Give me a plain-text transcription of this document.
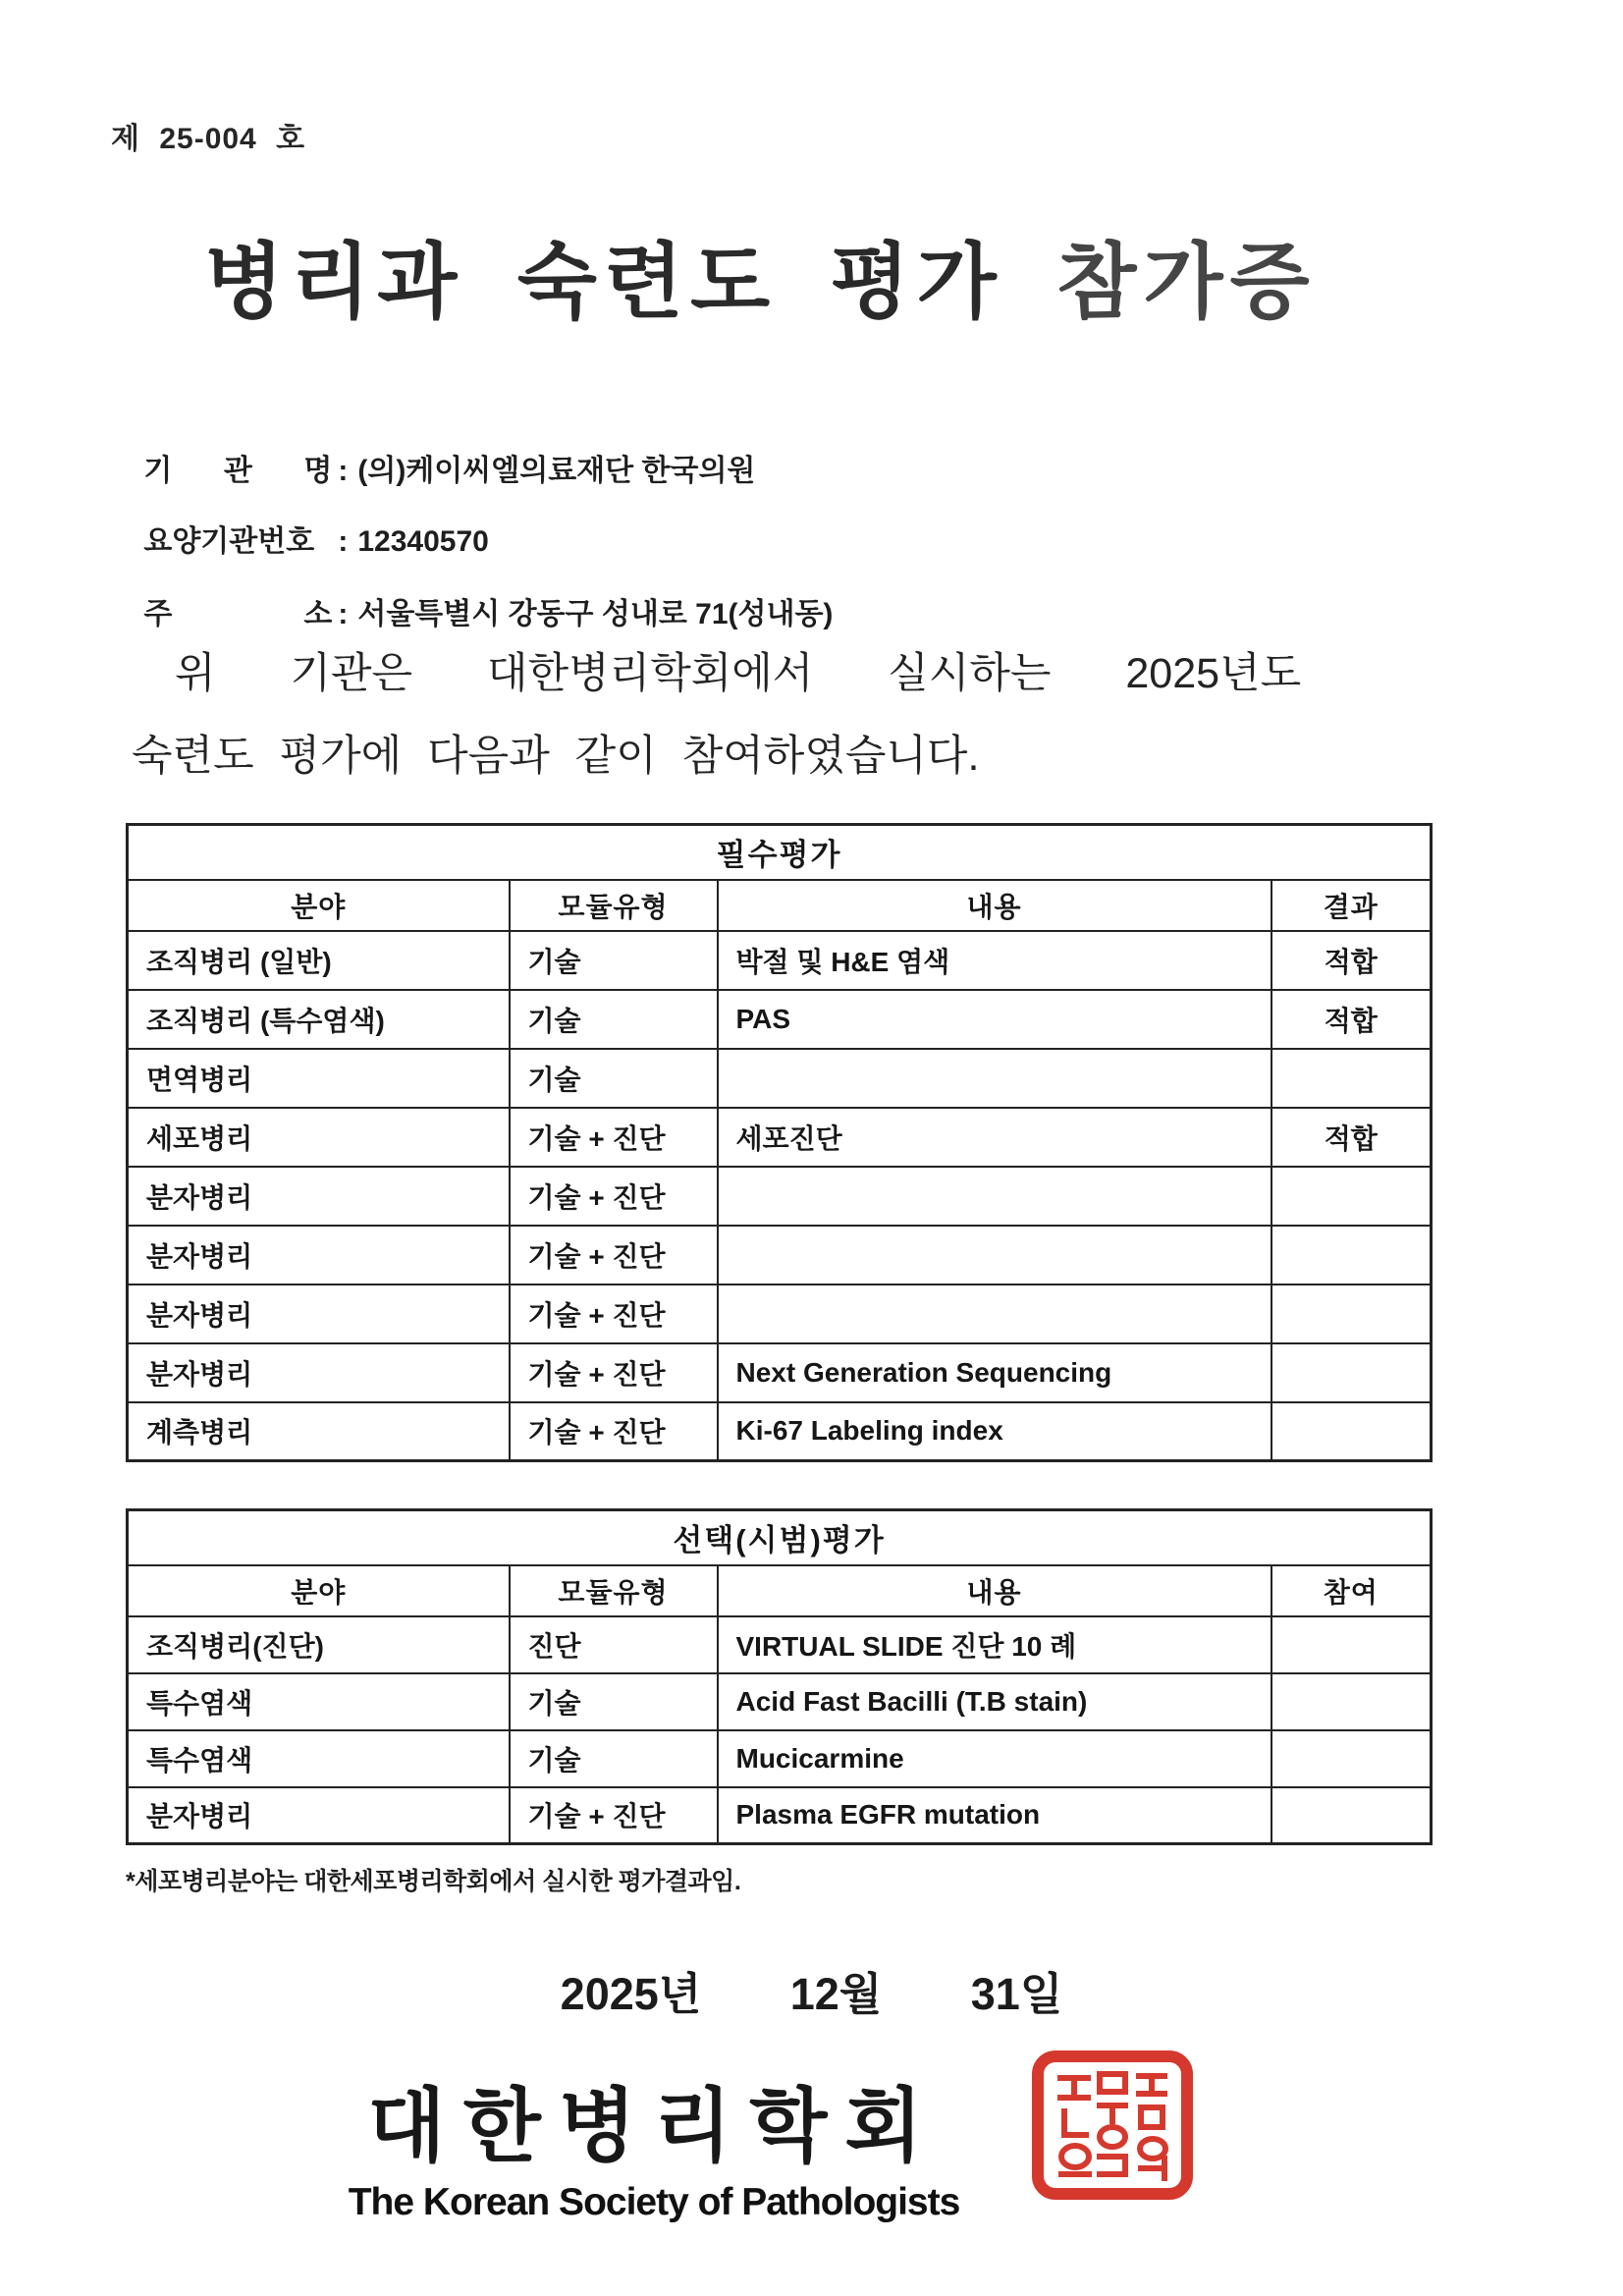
제 25-004 호
병리과 숙련도 평가 참가증

기 관 명 : (의)케이씨엘의료재단 한국의원

요양기관번호 : 12340570

주 소 : 서울특별시 강동구 성내로 71(성내동)

위 기관은 대한병리학회에서 실시하는 2025년도
숙련도 평가에 다음과 같이 참여하였습니다.
필수평가			
분야	모듈유형	내용	결과
조직병리 (일반)	기술	박절 및 H&E 염색	적합
조직병리 (특수염색)	기술	PAS	적합
면역병리	기술		
세포병리	기술 + 진단	세포진단	적합
분자병리	기술 + 진단		
분자병리	기술 + 진단		
분자병리	기술 + 진단		
분자병리	기술 + 진단	Next Generation Sequencing	
계측병리	기술 + 진단	Ki-67 Labeling index	
선택(시범)평가			
분야	모듈유형	내용	참여
조직병리(진단)	진단	VIRTUAL SLIDE 진단 10 례	
특수염색	기술	Acid Fast Bacilli (T.B stain)	
특수염색	기술	Mucicarmine	
분자병리	기술 + 진단	Plasma EGFR mutation	
*세포병리분야는 대한세포병리학회에서 실시한 평가결과임.
2025년 12월 31일
대한병리학회
The Korean Society of Pathologists
